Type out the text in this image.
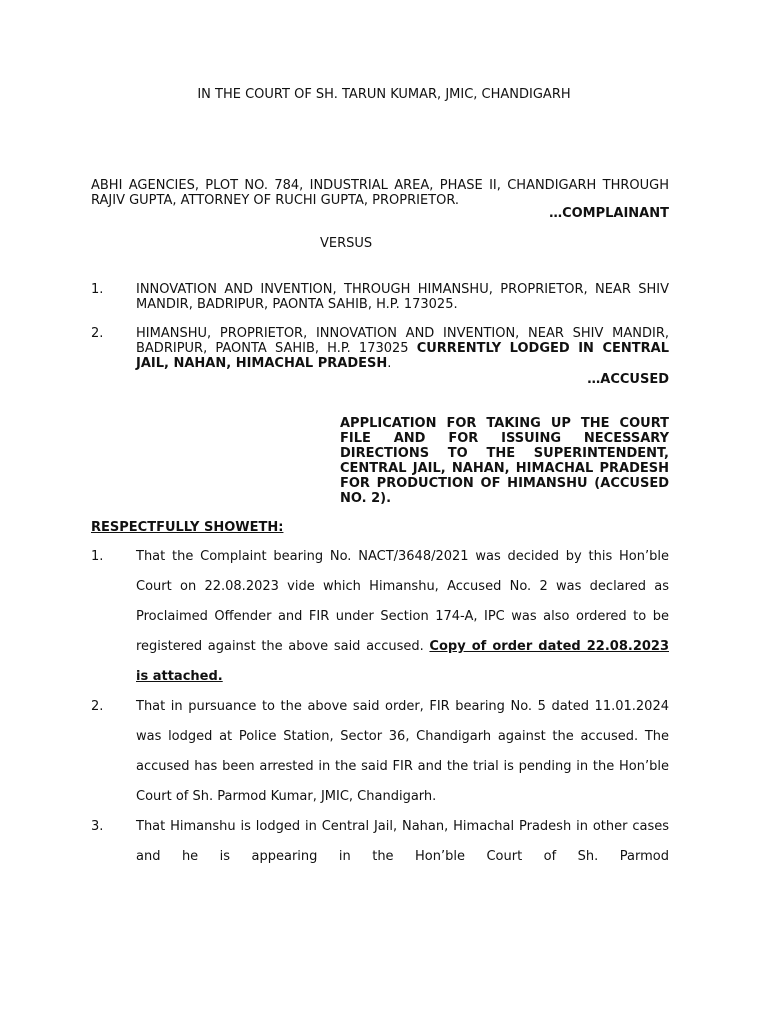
IN THE COURT OF SH. TARUN KUMAR, JMIC, CHANDIGARH
ABHI AGENCIES, PLOT NO. 784, INDUSTRIAL AREA, PHASE II, CHANDIGARH THROUGH RAJIV GUPTA, ATTORNEY OF RUCHI GUPTA, PROPRIETOR.
…COMPLAINANT
VERSUS
1.	INNOVATION AND INVENTION, THROUGH HIMANSHU, PROPRIETOR, NEAR SHIV MANDIR, BADRIPUR, PAONTA SAHIB, H.P. 173025.
2.	HIMANSHU, PROPRIETOR, INNOVATION AND INVENTION, NEAR SHIV MANDIR, BADRIPUR, PAONTA SAHIB, H.P. 173025 CURRENTLY LODGED IN CENTRAL JAIL, NAHAN, HIMACHAL PRADESH.
…ACCUSED
APPLICATION FOR TAKING UP THE COURT FILE AND FOR ISSUING NECESSARY DIRECTIONS TO THE SUPERINTENDENT, CENTRAL JAIL, NAHAN, HIMACHAL PRADESH FOR PRODUCTION OF HIMANSHU (ACCUSED NO. 2).
RESPECTFULLY SHOWETH:
1.	That the Complaint bearing No. NACT/3648/2021 was decided by this Hon’ble Court on 22.08.2023 vide which Himanshu, Accused No. 2 was declared as Proclaimed Offender and FIR under Section 174-A, IPC was also ordered to be registered against the above said accused. Copy of order dated 22.08.2023 is attached.
2.	That in pursuance to the above said order, FIR bearing No. 5 dated 11.01.2024 was lodged at Police Station, Sector 36, Chandigarh against the accused. The accused has been arrested in the said FIR and the trial is pending in the Hon’ble Court of Sh. Parmod Kumar, JMIC, Chandigarh.
3.	That Himanshu is lodged in Central Jail, Nahan, Himachal Pradesh in other cases and he is appearing in the Hon’ble Court of Sh. Parmod
